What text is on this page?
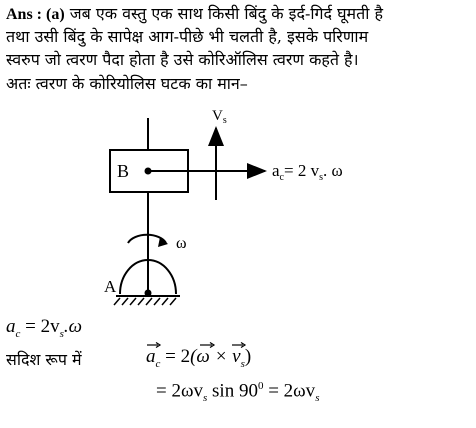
Ans : (a) जब एक वस्तु एक साथ किसी बिंदु के इर्द-गिर्द घूमती है
तथा उसी बिंदु के सापेक्ष आग-पीछे भी चलती है, इसके परिणाम
स्वरुप जो त्वरण पैदा होता है उसे कोरिऑलिस त्वरण कहते है।
अतः त्वरण के कोरियोलिस घटक का मान–
B
$V_s$
$a_c= 2$ $v_s$. ω
ω
A
$a_c = 2v_s.\omega$
सदिश रूप में	$a_c = 2(\omega \times v_s)$
= $2\omega v_s$ $\sin 90^0 = 2\omega v_s$
